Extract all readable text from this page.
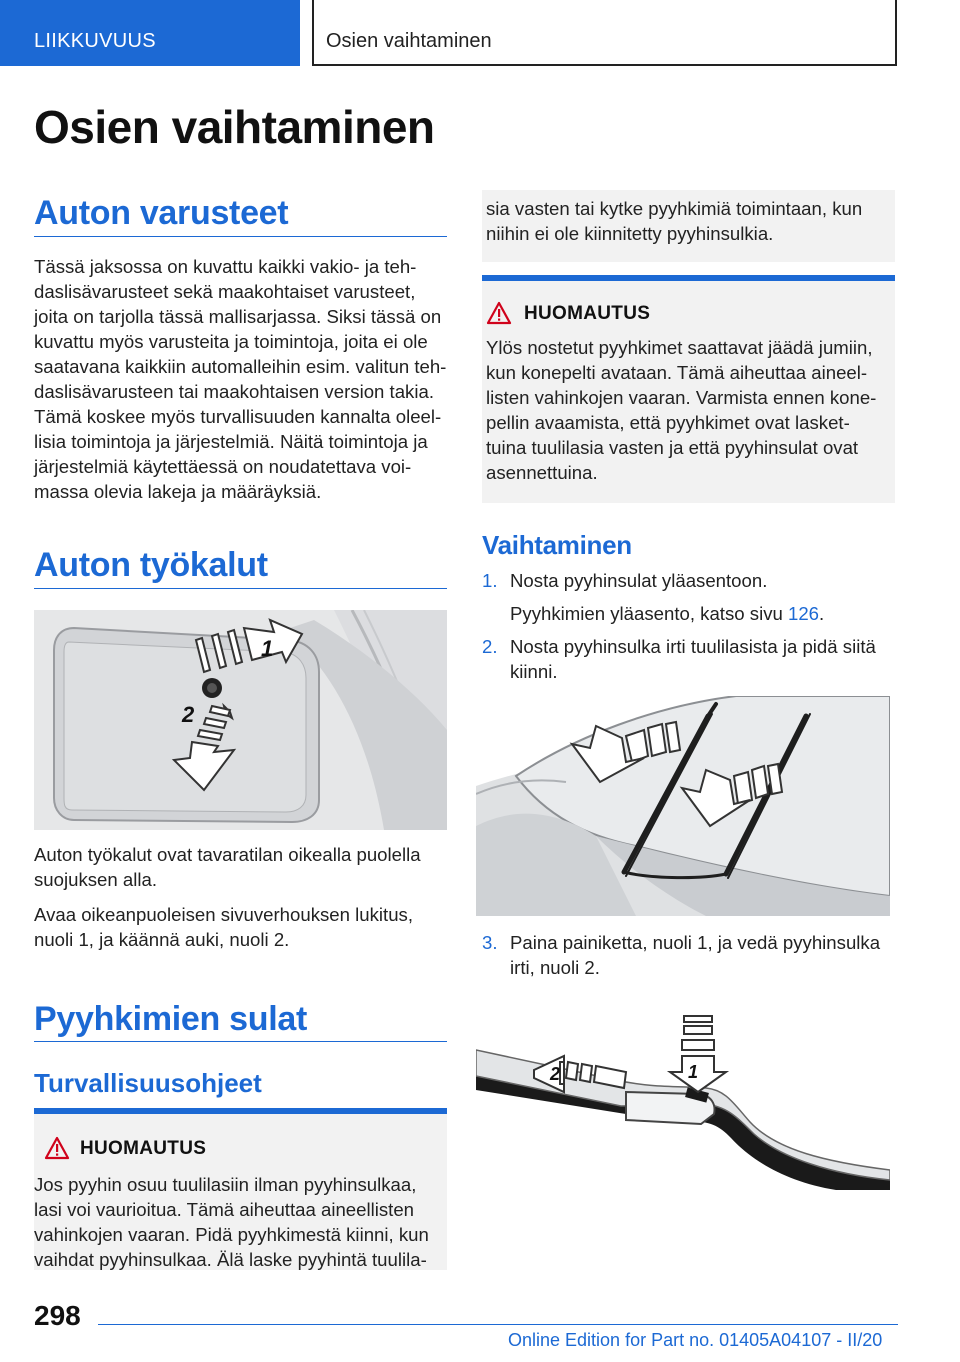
LIIKKUVUUS	Osien vaihtaminen
Osien vaihtaminen
Auton varusteet
Tässä jaksossa on kuvattu kaikki vakio- ja teh-
daslisävarusteet sekä maakohtaiset varusteet,
joita on tarjolla tässä mallisarjassa. Siksi tässä on
kuvattu myös varusteita ja toimintoja, joita ei ole
saatavana kaikkiin automalleihin esim. valitun teh-
daslisävarusteen tai maakohtaisen version takia.
Tämä koskee myös turvallisuuden kannalta oleel-
lisia toimintoja ja järjestelmiä. Näitä toimintoja ja
järjestelmiä käytettäessä on noudatettava voi-
massa olevia lakeja ja määräyksiä.
Auton työkalut
1
2
Auton työkalut ovat tavaratilan oikealla puolella
suojuksen alla.
Avaa oikeanpuoleisen sivuverhouksen lukitus,
nuoli 1, ja käännä auki, nuoli 2.
Pyyhkimien sulat
Turvallisuusohjeet
HUOMAUTUS
Jos pyyhin osuu tuulilasiin ilman pyyhinsulkaa,
lasi voi vaurioitua. Tämä aiheuttaa aineellisten
vahinkojen vaaran. Pidä pyyhkimestä kiinni, kun
vaihdat pyyhinsulkaa. Älä laske pyyhintä tuulila-
sia vasten tai kytke pyyhkimiä toimintaan, kun
niihin ei ole kiinnitetty pyyhinsulkia.
HUOMAUTUS
Ylös nostetut pyyhkimet saattavat jäädä jumiin,
kun konepelti avataan. Tämä aiheuttaa aineel-
listen vahinkojen vaaran. Varmista ennen kone-
pellin avaamista, että pyyhkimet ovat lasket-
tuina tuulilasia vasten ja että pyyhinsulat ovat
asennettuina.
Vaihtaminen
1. Nosta pyyhinsulat yläasentoon.
Pyyhkimien yläasento, katso sivu 126.
2. Nosta pyyhinsulka irti tuulilasista ja pidä siitä
kiinni.
3. Paina painiketta, nuoli 1, ja vedä pyyhinsulka
irti, nuoli 2.
1
2
298
Online Edition for Part no. 01405A04107 - II/20
